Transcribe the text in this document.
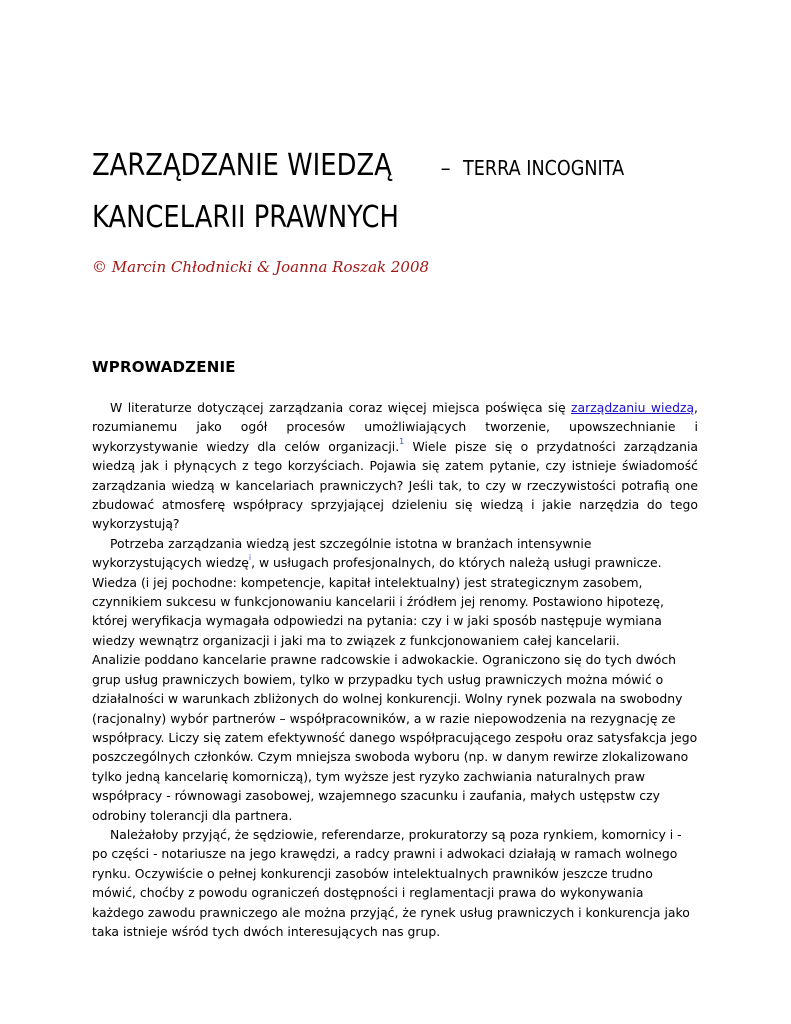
ZARZĄDZANIE WIEDZĄ – TERRA INCOGNITA
KANCELARII PRAWNYCH
© Marcin Chłodnicki & Joanna Roszak 2008
WPROWADZENIE

W literaturze dotyczącej zarządzania coraz więcej miejsca poświęca się zarządzaniu wiedzą, rozumianemu jako ogół procesów umożliwiających tworzenie, upowszechnianie i wykorzystywanie wiedzy dla celów organizacji.$^1$ Wiele pisze się o przydatności zarządzania wiedzą jak i płynących z tego korzyściach. Pojawia się zatem pytanie, czy istnieje świadomość zarządzania wiedzą w kancelariach prawniczych? Jeśli tak, to czy w rzeczywistości potrafią one zbudować atmosferę współpracy sprzyjającej dzieleniu się wiedzą i jakie narzędzia do tego wykorzystują?

Potrzeba zarządzania wiedzą jest szczególnie istotna w branżach intensywnie wykorzystujących wiedzę$^i$, w usługach profesjonalnych, do których należą usługi prawnicze. Wiedza (i jej pochodne: kompetencje, kapitał intelektualny) jest strategicznym zasobem, czynnikiem sukcesu w funkcjonowaniu kancelarii i źródłem jej renomy. Postawiono hipotezę, której weryfikacja wymagała odpowiedzi na pytania: czy i w jaki sposób następuje wymiana wiedzy wewnątrz organizacji i jaki ma to związek z funkcjonowaniem całej kancelarii.

Analizie poddano kancelarie prawne radcowskie i adwokackie. Ograniczono się do tych dwóch grup usług prawniczych bowiem, tylko w przypadku tych usług prawniczych można mówić o działalności w warunkach zbliżonych do wolnej konkurencji. Wolny rynek pozwala na swobodny (racjonalny) wybór partnerów – współpracowników, a w razie niepowodzenia na rezygnację ze współpracy. Liczy się zatem efektywność danego współpracującego zespołu oraz satysfakcja jego poszczególnych członków. Czym mniejsza swoboda wyboru (np. w danym rewirze zlokalizowano tylko jedną kancelarię komorniczą), tym wyższe jest ryzyko zachwiania naturalnych praw współpracy - równowagi zasobowej, wzajemnego szacunku i zaufania, małych ustępstw czy odrobiny tolerancji dla partnera.

Należałoby przyjąć, że sędziowie, referendarze, prokuratorzy są poza rynkiem, komornicy i - po części - notariusze na jego krawędzi, a radcy prawni i adwokaci działają w ramach wolnego rynku. Oczywiście o pełnej konkurencji zasobów intelektualnych prawników jeszcze trudno mówić, choćby z powodu ograniczeń dostępności i reglamentacji prawa do wykonywania każdego zawodu prawniczego ale można przyjąć, że rynek usług prawniczych i konkurencja jako taka istnieje wśród tych dwóch interesujących nas grup.
